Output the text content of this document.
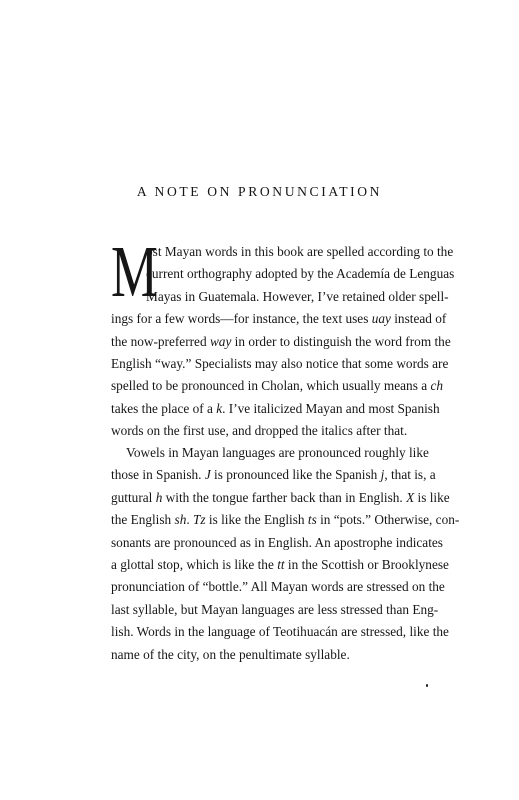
A NOTE ON PRONUNCIATION
M
ost Mayan words in this book are spelled according to the
current orthography adopted by the Academía de Lenguas
Mayas in Guatemala. However, I’ve retained older spell-
ings for a few words—for instance, the text uses uay instead of
the now-preferred way in order to distinguish the word from the
English “way.” Specialists may also notice that some words are
spelled to be pronounced in Cholan, which usually means a ch
takes the place of a k. I’ve italicized Mayan and most Spanish
words on the first use, and dropped the italics after that.
Vowels in Mayan languages are pronounced roughly like
those in Spanish. J is pronounced like the Spanish j, that is, a
guttural h with the tongue farther back than in English. X is like
the English sh. Tz is like the English ts in “pots.” Otherwise, con-
sonants are pronounced as in English. An apostrophe indicates
a glottal stop, which is like the tt in the Scottish or Brooklynese
pronunciation of “bottle.” All Mayan words are stressed on the
last syllable, but Mayan languages are less stressed than Eng-
lish. Words in the language of Teotihuacán are stressed, like the
name of the city, on the penultimate syllable.
